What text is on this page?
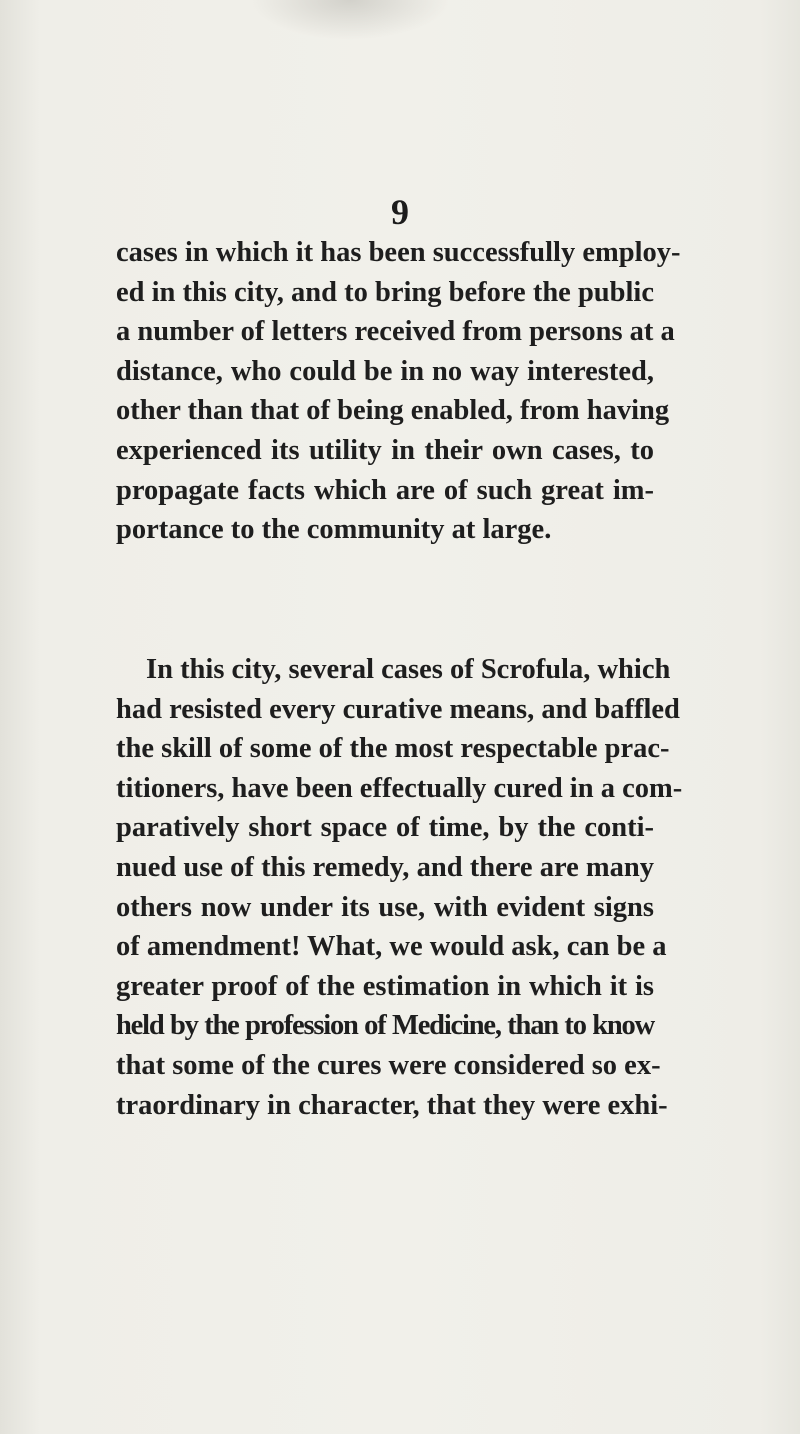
9
cases in which it has been successfully employ-
ed in this city, and to bring before the public
a number of letters received from persons at a
distance, who could be in no way interested,
other than that of being enabled, from having
experienced its utility in their own cases, to
propagate facts which are of such great im-
portance to the community at large.
In this city, several cases of Scrofula, which
had resisted every curative means, and baffled
the skill of some of the most respectable prac-
titioners, have been effectually cured in a com-
paratively short space of time, by the conti-
nued use of this remedy, and there are many
others now under its use, with evident signs
of amendment! What, we would ask, can be a
greater proof of the estimation in which it is
held by the profession of Medicine, than to know
that some of the cures were considered so ex-
traordinary in character, that they were exhi-
